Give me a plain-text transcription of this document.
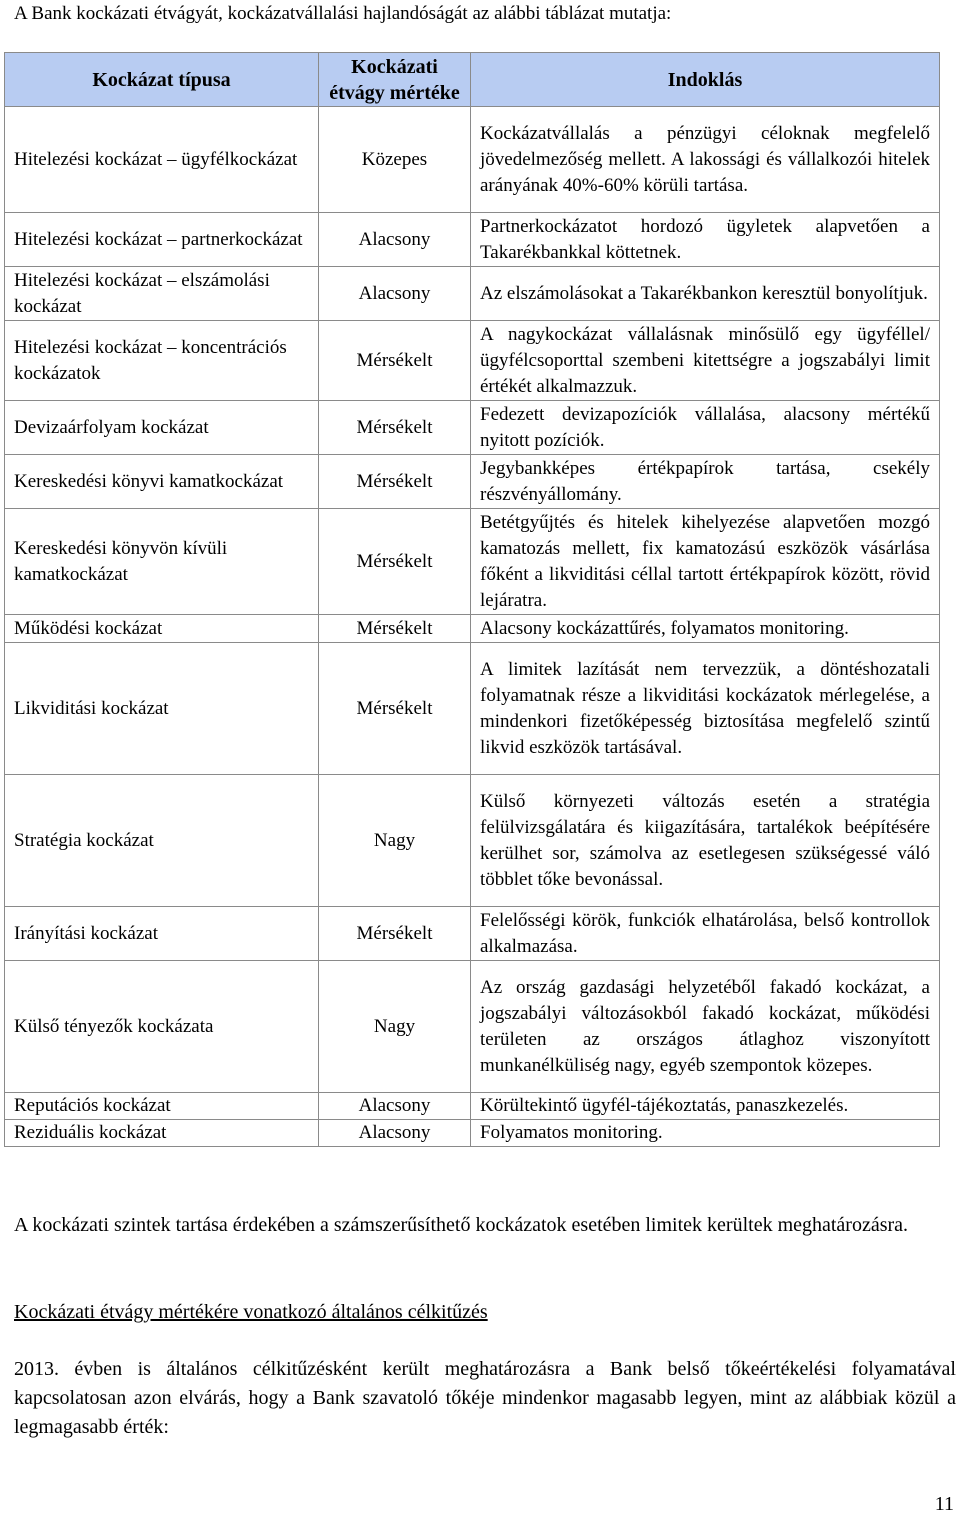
A Bank kockázati étvágyát, kockázatvállalási hajlandóságát az alábbi táblázat mutatja:
Kockázat típusa	Kockázati étvágy mértéke	Indoklás
Hitelezési kockázat – ügyfélkockázat	Közepes	Kockázatvállalás a pénzügyi céloknak megfelelő jövedelmezőség mellett. A lakossági és vállalkozói hitelek arányának 40%-60% körüli tartása.
Hitelezési kockázat – partnerkockázat	Alacsony	Partnerkockázatot hordozó ügyletek alapvetően a Takarékbankkal köttetnek.
Hitelezési kockázat – elszámolási kockázat	Alacsony	Az elszámolásokat a Takarékbankon keresztül bonyolítjuk.
Hitelezési kockázat – koncentrációs kockázatok	Mérsékelt	A nagykockázat vállalásnak minősülő egy ügyféllel/ügyfélcsoporttal szembeni kitettségre a jogszabályi limit értékét alkalmazzuk.
Devizaárfolyam kockázat	Mérsékelt	Fedezett devizapozíciók vállalása, alacsony mértékű nyitott pozíciók.
Kereskedési könyvi kamatkockázat	Mérsékelt	Jegybankképes értékpapírok tartása, csekély részvényállomány.
Kereskedési könyvön kívüli kamatkockázat	Mérsékelt	Betétgyűjtés és hitelek kihelyezése alapvetően mozgó kamatozás mellett, fix kamatozású eszközök vásárlása főként a likviditási céllal tartott értékpapírok között, rövid lejáratra.
Működési kockázat	Mérsékelt	Alacsony kockázattűrés, folyamatos monitoring.
Likviditási kockázat	Mérsékelt	A limitek lazítását nem tervezzük, a döntéshozatali folyamatnak része a likviditási kockázatok mérlegelése, a mindenkori fizetőképesség biztosítása megfelelő szintű likvid eszközök tartásával.
Stratégia kockázat	Nagy	Külső környezeti változás esetén a stratégia felülvizsgálatára és kiigazítására, tartalékok beépítésére kerülhet sor, számolva az esetlegesen szükségessé váló többlet tőke bevonással.
Irányítási kockázat	Mérsékelt	Felelősségi körök, funkciók elhatárolása, belső kontrollok alkalmazása.
Külső tényezők kockázata	Nagy	Az ország gazdasági helyzetéből fakadó kockázat, a jogszabályi változásokból fakadó kockázat, működési területen az országos átlaghoz viszonyított munkanélküliség nagy, egyéb szempontok közepes.
Reputációs kockázat	Alacsony	Körültekintő ügyfél-tájékoztatás, panaszkezelés.
Reziduális kockázat	Alacsony	Folyamatos monitoring.
A kockázati szintek tartása érdekében a számszerűsíthető kockázatok esetében limitek kerültek meghatározásra.
Kockázati étvágy mértékére vonatkozó általános célkitűzés
2013. évben is általános célkitűzésként került meghatározásra a Bank belső tőkeértékelési folyamatával kapcsolatosan azon elvárás, hogy a Bank szavatoló tőkéje mindenkor magasabb legyen, mint az alábbiak közül a legmagasabb érték:
11
